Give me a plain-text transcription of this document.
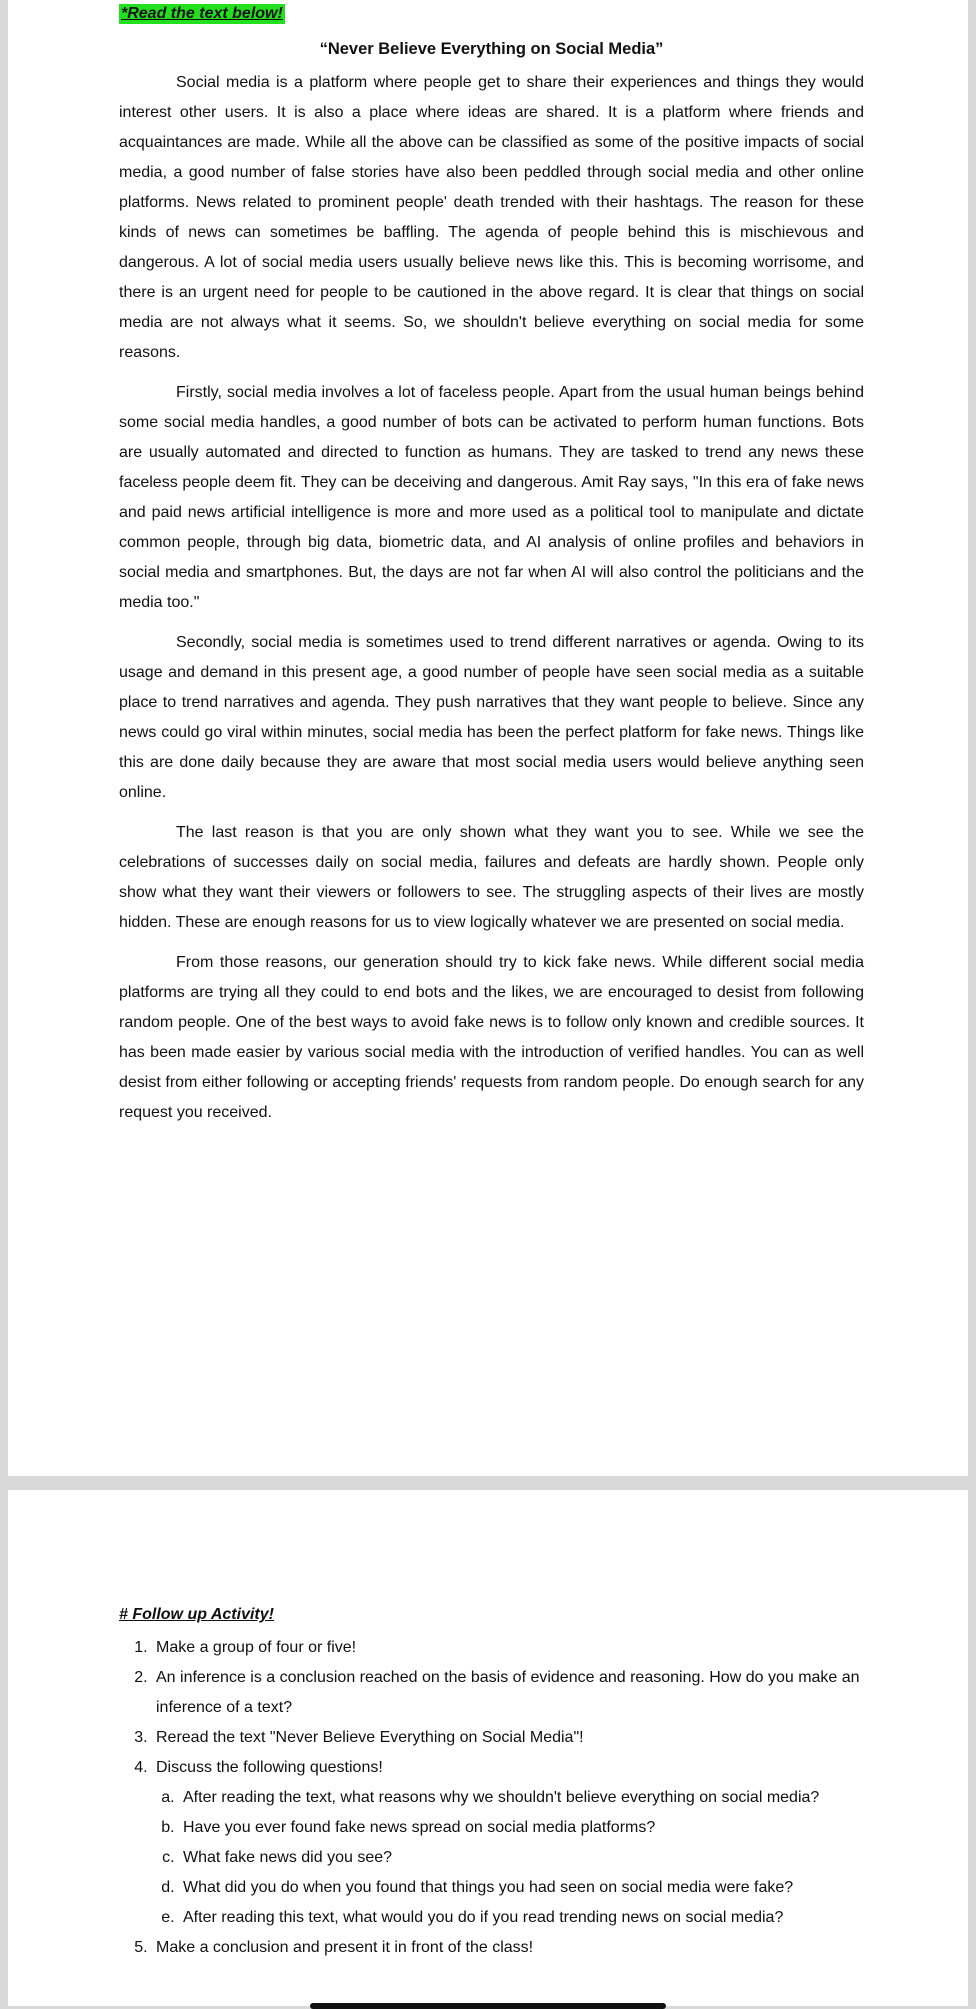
*Read the text below!
“Never Believe Everything on Social Media”

Social media is a platform where people get to share their experiences and things they would interest other users. It is also a place where ideas are shared. It is a platform where friends and acquaintances are made. While all the above can be classified as some of the positive impacts of social media, a good number of false stories have also been peddled through social media and other online platforms. News related to prominent people' death trended with their hashtags. The reason for these kinds of news can sometimes be baffling. The agenda of people behind this is mischievous and dangerous. A lot of social media users usually believe news like this. This is becoming worrisome, and there is an urgent need for people to be cautioned in the above regard. It is clear that things on social media are not always what it seems. So, we shouldn't believe everything on social media for some reasons.

Firstly, social media involves a lot of faceless people. Apart from the usual human beings behind some social media handles, a good number of bots can be activated to perform human functions. Bots are usually automated and directed to function as humans. They are tasked to trend any news these faceless people deem fit. They can be deceiving and dangerous. Amit Ray says, "In this era of fake news and paid news artificial intelligence is more and more used as a political tool to manipulate and dictate common people, through big data, biometric data, and AI analysis of online profiles and behaviors in social media and smartphones. But, the days are not far when AI will also control the politicians and the media too."

Secondly, social media is sometimes used to trend different narratives or agenda. Owing to its usage and demand in this present age, a good number of people have seen social media as a suitable place to trend narratives and agenda. They push narratives that they want people to believe. Since any news could go viral within minutes, social media has been the perfect platform for fake news. Things like this are done daily because they are aware that most social media users would believe anything seen online.

The last reason is that you are only shown what they want you to see. While we see the celebrations of successes daily on social media, failures and defeats are hardly shown. People only show what they want their viewers or followers to see. The struggling aspects of their lives are mostly hidden. These are enough reasons for us to view logically whatever we are presented on social media.

From those reasons, our generation should try to kick fake news. While different social media platforms are trying all they could to end bots and the likes, we are encouraged to desist from following random people. One of the best ways to avoid fake news is to follow only known and credible sources. It has been made easier by various social media with the introduction of verified handles. You can as well desist from either following or accepting friends' requests from random people. Do enough search for any request you received.

# Follow up Activity!
1. Make a group of four or five!
2. An inference is a conclusion reached on the basis of evidence and reasoning. How do you make an inference of a text?
3. Reread the text "Never Believe Everything on Social Media"!
4. Discuss the following questions!
a. After reading the text, what reasons why we shouldn't believe everything on social media?
b. Have you ever found fake news spread on social media platforms?
c. What fake news did you see?
d. What did you do when you found that things you had seen on social media were fake?
e. After reading this text, what would you do if you read trending news on social media?
5. Make a conclusion and present it in front of the class!
